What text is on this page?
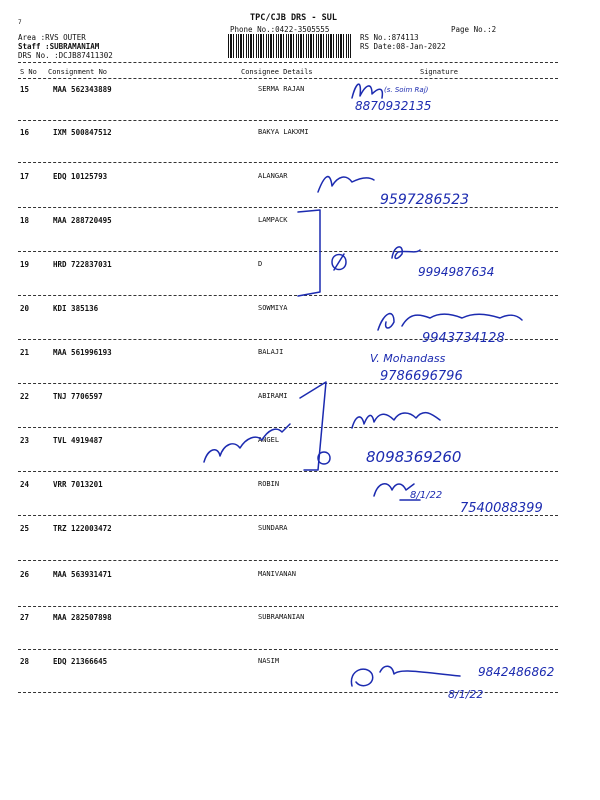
7	TPC/CJB DRS - SUL
Phone No.:0422-3505555	Page No.:2
Area :RVS OUTER
Staff :SUBRAMANIAM
DRS No. :DCJB87411302
RS No.:874113
RS Date:08-Jan-2022
S No Consignment No	Consignee Details	Signature
15	MAA 562343889	SERMA RAJAN
16	IXM 500847512	BAKYA LAKXMI
17	EDQ 10125793	ALANGAR
18	MAA 288720495	LAMPACK
19	HRD 722837031	D
20	KDI 385136	SOWMIYA
21	MAA 561996193	BALAJI
22	TNJ 7706597	ABIRAMI
23	TVL 4919487	ANGEL
24	VRR 7013201	ROBIN
25	TRZ 122003472	SUNDARA
26	MAA 563931471	MANIVANAN
27	MAA 282507898	SUBRAMANIAN
28	EDQ 21366645	NASIM
8870932135
(s. Soim Raj)
9597286523
9994987634
9943734128
V. Mohandass
9786696796
8098369260
8/1/22
7540088399
9842486862
8/1/22
